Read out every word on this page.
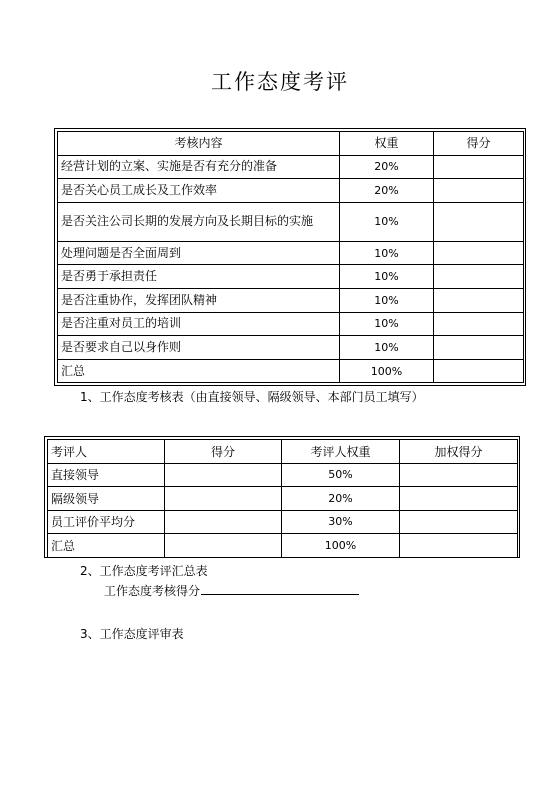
工作态度考评
考核内容	权重	得分
经营计划的立案、实施是否有充分的准备	20%	
是否关心员工成长及工作效率	20%	
是否关注公司长期的发展方向及长期目标的实施	10%	
处理问题是否全面周到	10%	
是否勇于承担责任	10%	
是否注重协作，发挥团队精神	10%	
是否注重对员工的培训	10%	
是否要求自己以身作则	10%	
汇总	100%	
1、工作态度考核表（由直接领导、隔级领导、本部门员工填写）
考评人	得分	考评人权重	加权得分
直接领导		50%	
隔级领导		20%	
员工评价平均分		30%	
汇总		100%	
2、工作态度考评汇总表
工作态度考核得分
3、工作态度评审表
